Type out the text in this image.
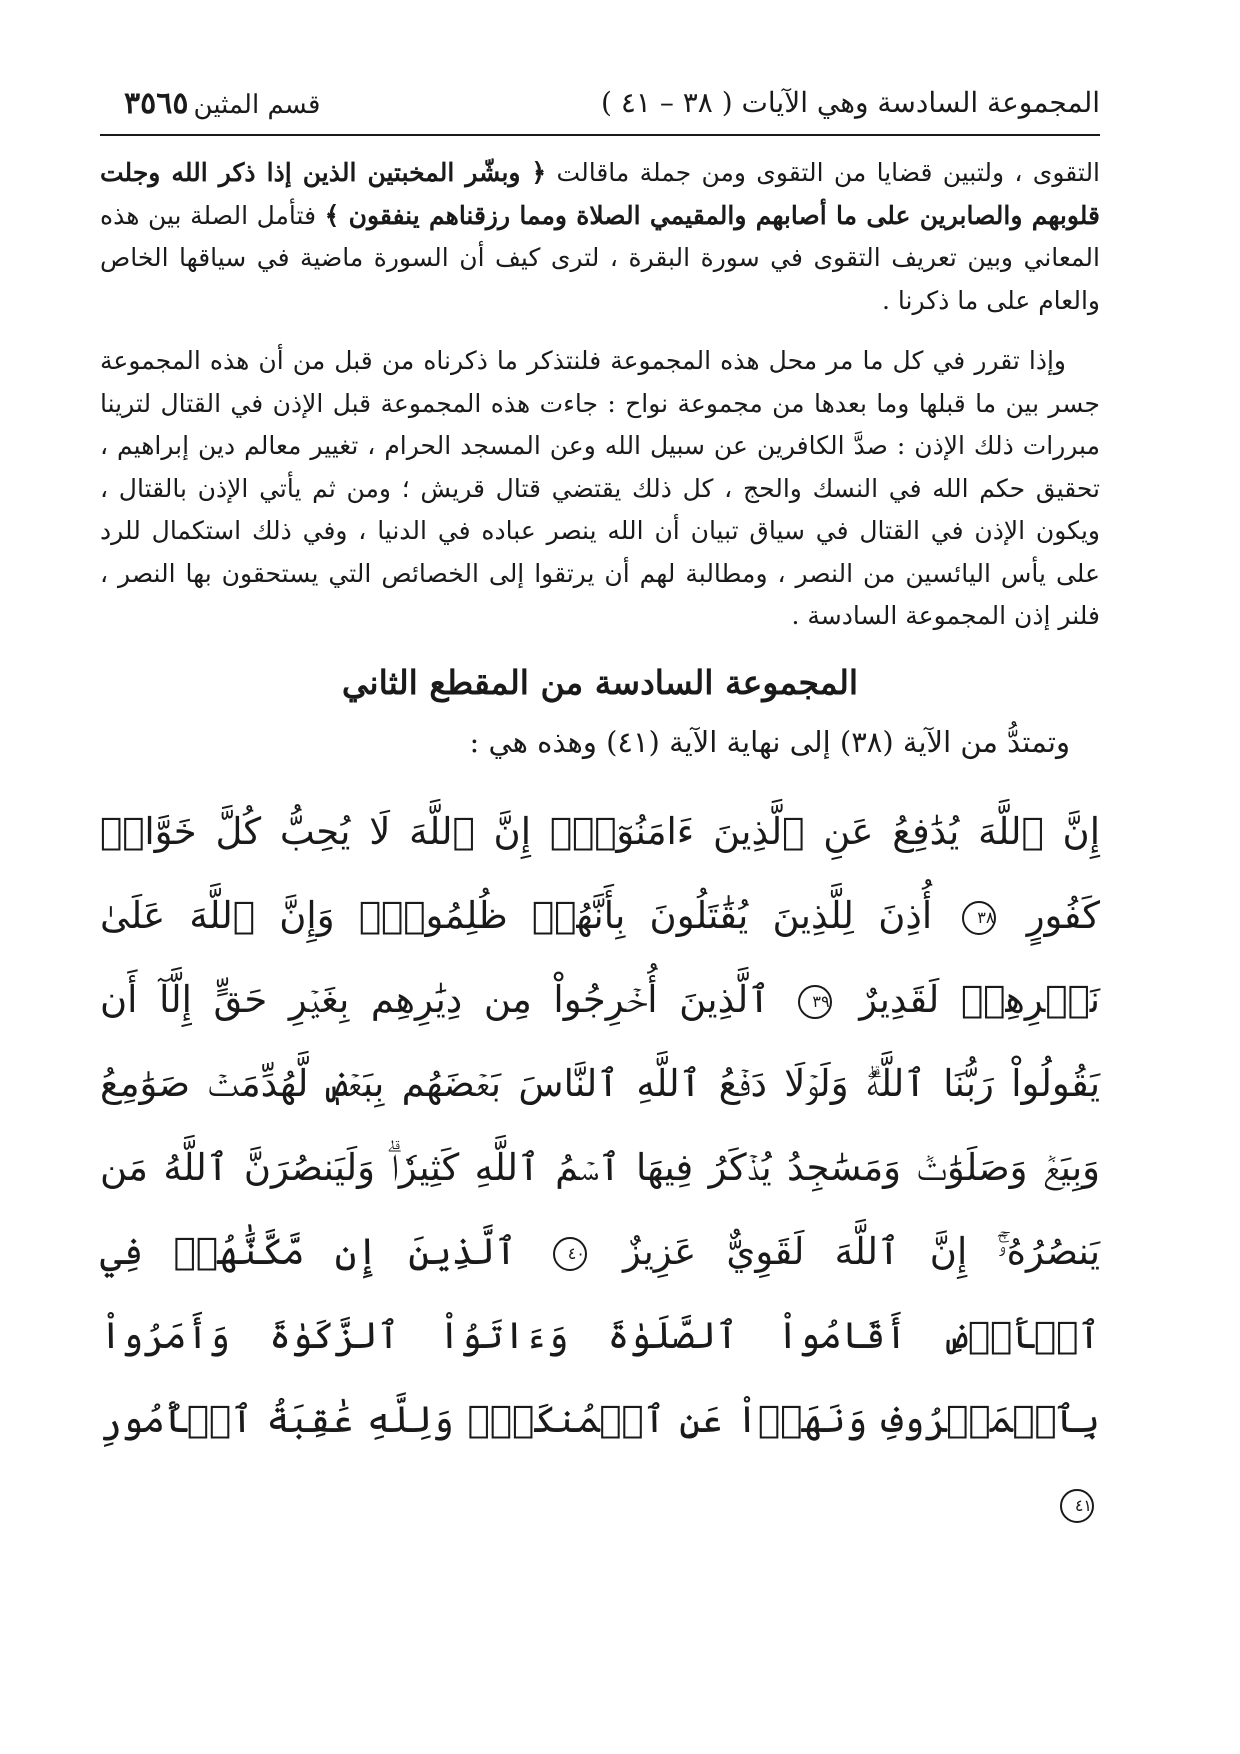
المجموعة السادسة وهي الآيات ( ٣٨ – ٤١ )
قسم المثين ٣٥٦٥

التقوى ، ولتبين قضايا من التقوى ومن جملة ماقالت ﴿ وبشّر المخبتين الذين إذا ذكر الله وجلت قلوبهم والصابرين على ما أصابهم والمقيمي الصلاة ومما رزقناهم ينفقون ﴾ فتأمل الصلة بين هذه المعاني وبين تعريف التقوى في سورة البقرة ، لترى كيف أن السورة ماضية في سياقها الخاص والعام على ما ذكرنا .

وإذا تقرر في كل ما مر محل هذه المجموعة فلنتذكر ما ذكرناه من قبل من أن هذه المجموعة جسر بين ما قبلها وما بعدها من مجموعة نواح : جاءت هذه المجموعة قبل الإذن في القتال لترينا مبررات ذلك الإذن : صدَّ الكافرين عن سبيل الله وعن المسجد الحرام ، تغيير معالم دين إبراهيم ، تحقيق حكم الله في النسك والحج ، كل ذلك يقتضي قتال قريش ؛ ومن ثم يأتي الإذن بالقتال ، ويكون الإذن في القتال في سياق تبيان أن الله ينصر عباده في الدنيا ، وفي ذلك استكمال للرد على يأس اليائسين من النصر ، ومطالبة لهم أن يرتقوا إلى الخصائص التي يستحقون بها النصر ، فلنر إذن المجموعة السادسة .

المجموعة السادسة من المقطع الثاني

وتمتدُّ من الآية (٣٨) إلى نهاية الآية (٤١) وهذه هي :

إِنَّ ٱللَّهَ يُدَٰفِعُ عَنِ ٱلَّذِينَ ءَامَنُوٓاْۗ إِنَّ ٱللَّهَ لَا يُحِبُّ كُلَّ خَوَّانٖ كَفُورٍ ٣٨ أُذِنَ لِلَّذِينَ يُقَٰتَلُونَ بِأَنَّهُمۡ ظُلِمُواْۚ وَإِنَّ ٱللَّهَ عَلَىٰ نَصۡرِهِمۡ لَقَدِيرٌ ٣٩ ٱلَّذِينَ أُخۡرِجُواْ مِن دِيَٰرِهِم بِغَيۡرِ حَقٍّ إِلَّآ أَن يَقُولُواْ رَبُّنَا ٱللَّهُۗ وَلَوۡلَا دَفۡعُ ٱللَّهِ ٱلنَّاسَ بَعۡضَهُم بِبَعۡضٖ لَّهُدِّمَتۡ صَوَٰمِعُ وَبِيَعٞ وَصَلَوَٰتٞ وَمَسَٰجِدُ يُذۡكَرُ فِيهَا ٱسۡمُ ٱللَّهِ كَثِيرٗاۗ وَلَيَنصُرَنَّ ٱللَّهُ مَن يَنصُرُهُۥٓۚ إِنَّ ٱللَّهَ لَقَوِيٌّ عَزِيزٌ ٤٠ ٱلَّذِينَ إِن مَّكَّنَّٰهُمۡ فِي ٱلۡأَرۡضِ أَقَامُواْ ٱلصَّلَوٰةَ وَءَاتَوُاْ ٱلزَّكَوٰةَ وَأَمَرُواْ بِٱلۡمَعۡرُوفِ وَنَهَوۡاْ عَنِ ٱلۡمُنكَرِۗ وَلِلَّهِ عَٰقِبَةُ ٱلۡأُمُورِ ٤١
